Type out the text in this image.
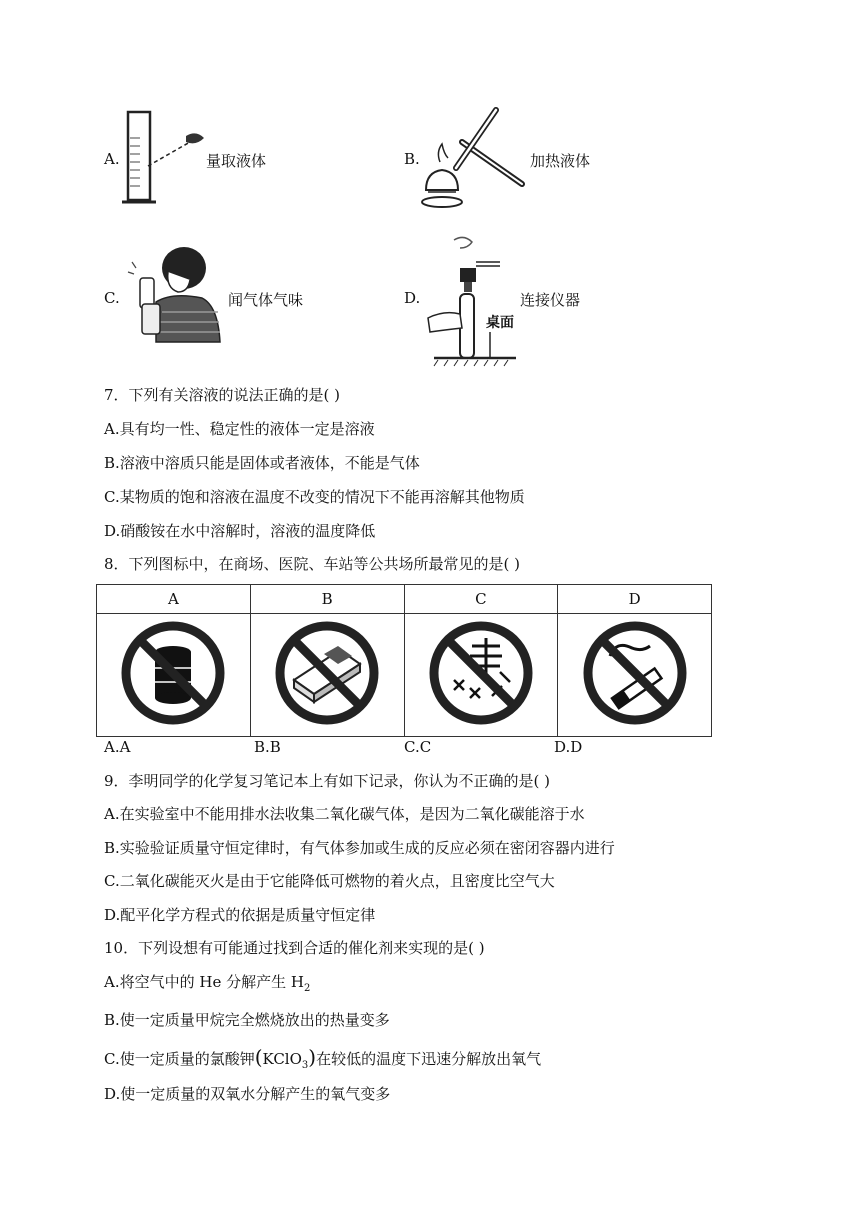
A.	量取液体	B.	加热液体
C.	闻气体气味	D.
桌面
连接仪器
7．下列有关溶液的说法正确的是( )
A.具有均一性、稳定性的液体一定是溶液
B.溶液中溶质只能是固体或者液体，不能是气体
C.某物质的饱和溶液在温度不改变的情况下不能再溶解其他物质
D.硝酸铵在水中溶解时，溶液的温度降低
8．下列图标中，在商场、医院、车站等公共场所最常见的是( )
A	B	C	D

A.A	B.B	C.C	D.D
9．李明同学的化学复习笔记本上有如下记录，你认为不正确的是( )
A.在实验室中不能用排水法收集二氧化碳气体，是因为二氧化碳能溶于水
B.实验验证质量守恒定律时，有气体参加或生成的反应必须在密闭容器内进行
C.二氧化碳能灭火是由于它能降低可燃物的着火点，且密度比空气大
D.配平化学方程式的依据是质量守恒定律
10．下列设想有可能通过找到合适的催化剂来实现的是( )
A.将空气中的 He 分解产生 $H_2$
B.使一定质量甲烷完全燃烧放出的热量变多
C.使一定质量的氯酸钾(KClO$_3$)在较低的温度下迅速分解放出氧气
D.使一定质量的双氧水分解产生的氧气变多
